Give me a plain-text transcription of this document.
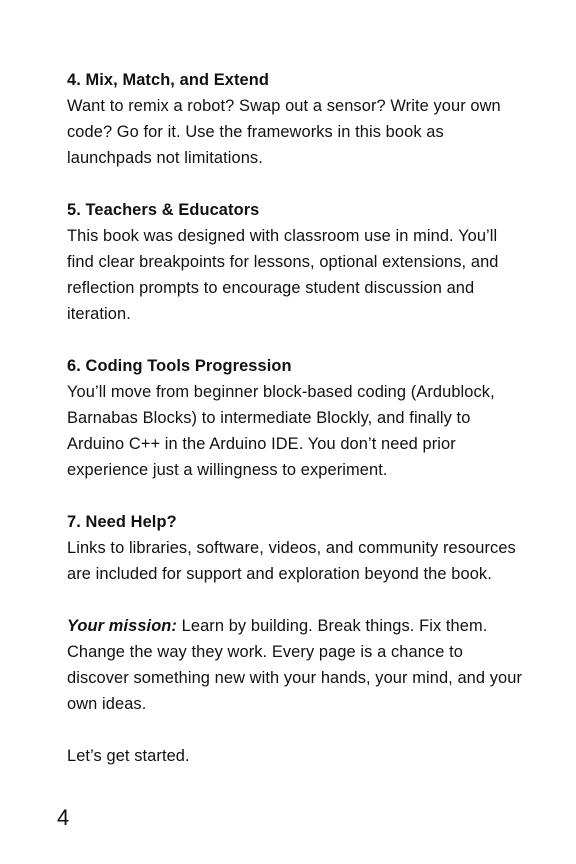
4. Mix, Match, and Extend
Want to remix a robot? Swap out a sensor? Write your own code? Go for it. Use the frameworks in this book as launchpads not limitations.
5. Teachers & Educators
This book was designed with classroom use in mind. You’ll find clear breakpoints for lessons, optional extensions, and reflection prompts to encourage student discussion and iteration.
6. Coding Tools Progression
You’ll move from beginner block-based coding (Ardublock, Barnabas Blocks) to intermediate Blockly, and finally to Arduino C++ in the Arduino IDE. You don’t need prior experience just a willingness to experiment.
7. Need Help?
Links to libraries, software, videos, and community resources are included for support and exploration beyond the book.
Your mission: Learn by building. Break things. Fix them. Change the way they work. Every page is a chance to discover something new with your hands, your mind, and your own ideas.
Let’s get started.
4
